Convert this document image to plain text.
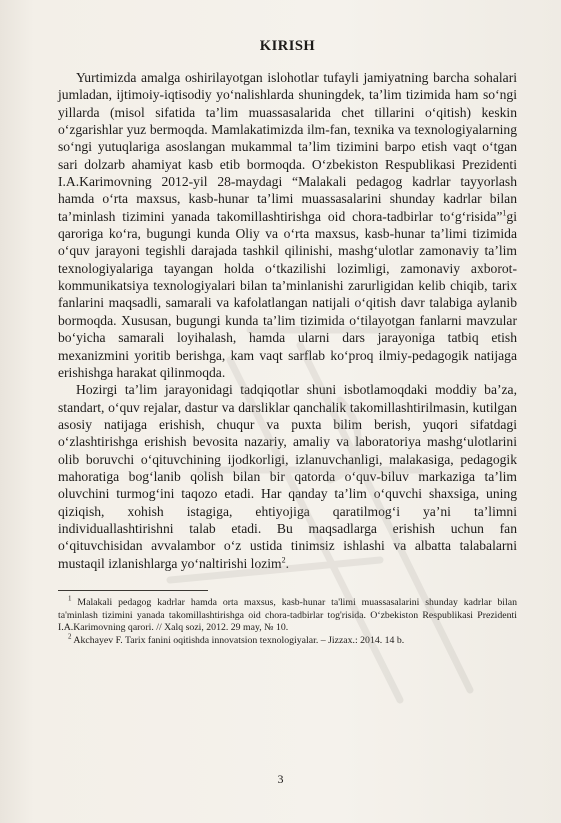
KIRISH

Yurtimizda amalga oshirilayotgan islohotlar tufayli jamiyatning barcha sohalari jumladan, ijtimoiy-iqtisodiy yo‘nalishlarda shuningdek, ta’lim tizimida ham so‘ngi yillarda (misol sifatida ta’lim muassasalarida chet tillarini o‘qitish) keskin o‘zgarishlar yuz bermoqda. Mamlakatimizda ilm-fan, texnika va texnologiyalarning so‘ngi yutuqlariga asoslangan mukammal ta’lim tizimini barpo etish vaqt o‘tgan sari dolzarb ahamiyat kasb etib bormoqda. O‘zbekiston Respublikasi Prezidenti I.A.Karimovning 2012-yil 28-maydagi “Malakali pedagog kadrlar tayyorlash hamda o‘rta maxsus, kasb-hunar ta’limi muassasalarini shunday kadrlar bilan ta’minlash tizimini yanada takomillashtirishga oid chora-tadbirlar to‘g‘risida”$^1$gi qaroriga ko‘ra, bugungi kunda Oliy va o‘rta maxsus, kasb-hunar ta’limi tizimida o‘quv jarayoni tegishli darajada tashkil qilinishi, mashg‘ulotlar zamonaviy ta’lim texnologiyalariga tayangan holda o‘tkazilishi lozimligi, zamonaviy axborot-kommunikatsiya texnologiyalari bilan ta’minlanishi zarurligidan kelib chiqib, tarix fanlarini maqsadli, samarali va kafolatlangan natijali o‘qitish davr talabiga aylanib bormoqda. Xususan, bugungi kunda ta’lim tizimida o‘tilayotgan fanlarni mavzular bo‘yicha samarali loyihalash, hamda ularni dars jarayoniga tatbiq etish mexanizmini yoritib berishga, kam vaqt sarflab ko‘proq ilmiy-pedagogik natijaga erishishga harakat qilinmoqda.

Hozirgi ta’lim jarayonidagi tadqiqotlar shuni isbotlamoqdaki moddiy ba’za, standart, o‘quv rejalar, dastur va darsliklar qanchalik takomillashtirilmasin, kutilgan asosiy natijaga erishish, chuqur va puxta bilim berish, yuqori sifatdagi o‘zlashtirishga erishish bevosita nazariy, amaliy va laboratoriya mashg‘ulotlarini olib boruvchi o‘qituvchining ijodkorligi, izlanuvchanligi, malakasiga, pedagogik mahoratiga bog‘lanib qolish bilan bir qatorda o‘quv-biluv markaziga ta’lim oluvchini turmog‘ini taqozo etadi. Har qanday ta’lim o‘quvchi shaxsiga, uning qiziqish, xohish istagiga, ehtiyojiga qaratilmog‘i ya’ni ta’limni individuallashtirishni talab etadi. Bu maqsadlarga erishish uchun fan o‘qituvchisidan avvalambor o‘z ustida tinimsiz ishlashi va albatta talabalarni mustaqil izlanishlarga yo‘naltirishi lozim$^2$.

$^1$ Malakali pedagog kadrlar hamda orta maxsus, kasb-hunar ta'limi muassasalarini shunday kadrlar bilan ta'minlash tizimini yanada takomillashtirishga oid chora-tadbirlar tog'risida. O‘zbekiston Respublikasi Prezidenti I.A.Karimovning qarori. // Xalq sozi, 2012. 29 may, № 10.

$^2$ Akchayev F. Tarix fanini oqitishda innovatsion texnologiyalar. – Jizzax.: 2014. 14 b.

3
